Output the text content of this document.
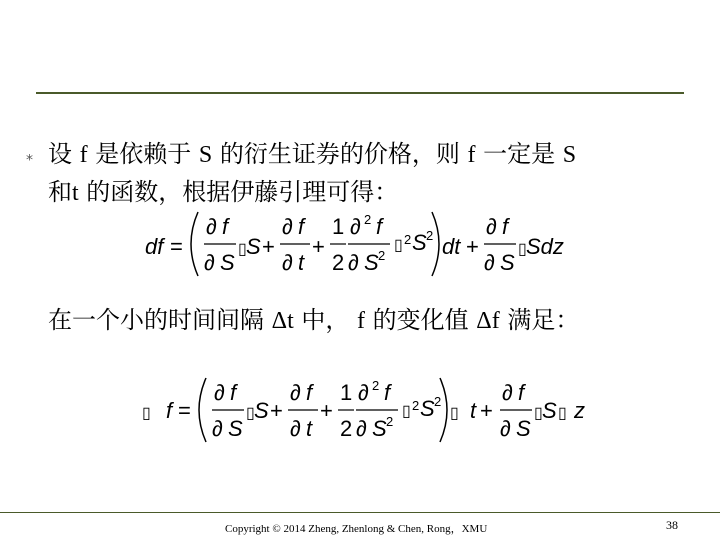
⁎ 设 f 是依赖于 S 的衍生证券的价格，则 f 一定是 S
和t 的函数，根据伊藤引理可得：
df =
∂ f
∂ S
▯ S +
∂ f
∂ t
+
1
2
∂ 2 f
∂ S 2
▯ 2 S 2 dt +
∂ f
∂ S
▯ Sdz
在一个小的时间间隔 Δt 中， f 的变化值 Δf 满足：
▯ f =
∂ f
∂ S
▯ S +
∂ f
∂ t
+
1
2
∂ 2 f
∂ S 2
▯ 2 S 2
▯ t +
∂ f
∂ S
▯ S ▯ z
Copyright © 2014 Zheng, Zhenlong & Chen, Rong，XMU	38
